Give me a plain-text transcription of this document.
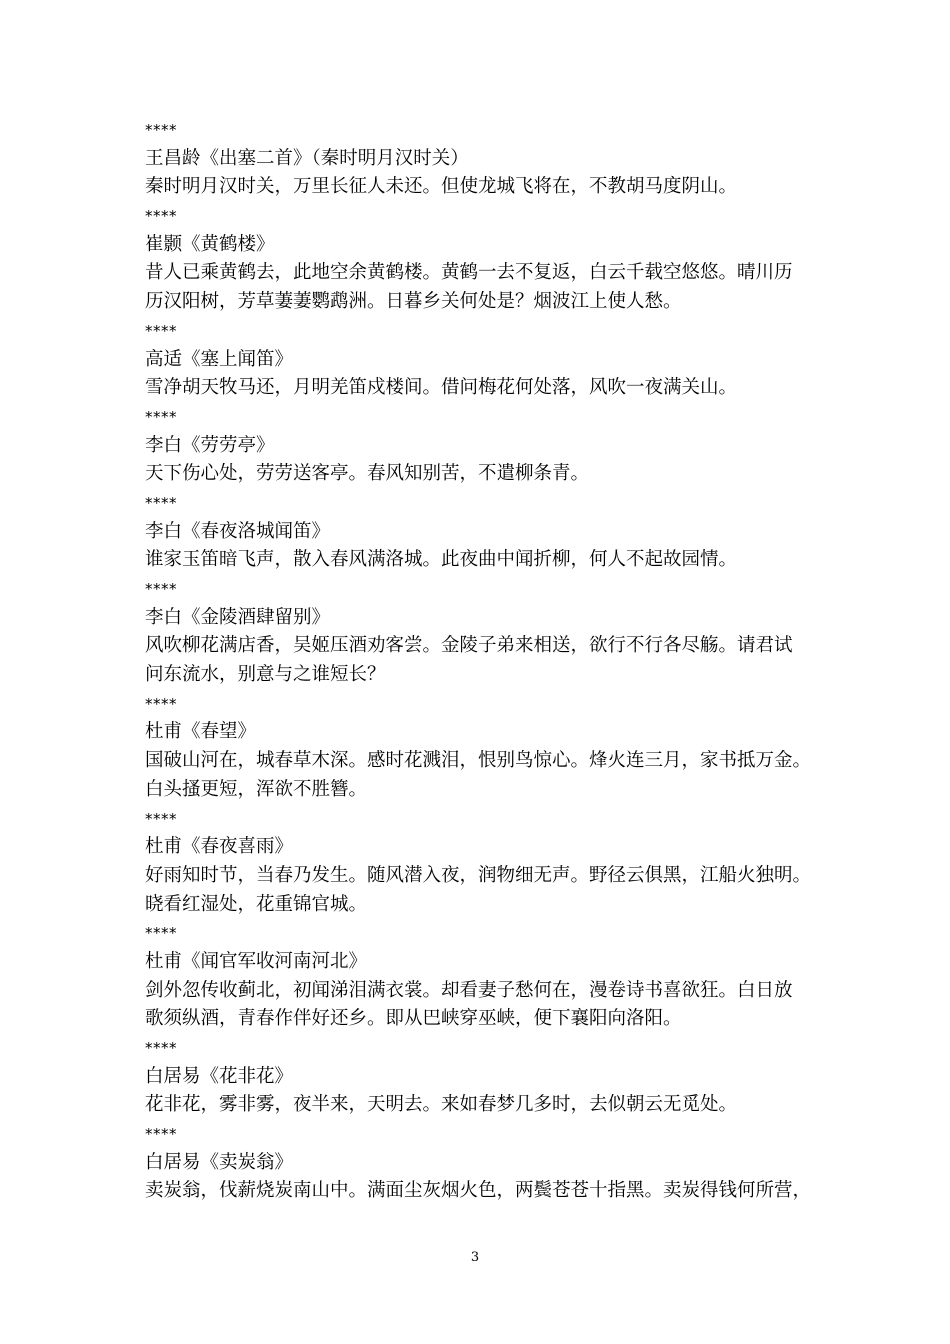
****
王昌龄《出塞二首》（秦时明月汉时关）
秦时明月汉时关，万里长征人未还。但使龙城飞将在，不教胡马度阴山。
****
崔颢《黄鹤楼》
昔人已乘黄鹤去，此地空余黄鹤楼。黄鹤一去不复返，白云千载空悠悠。晴川历
历汉阳树，芳草萋萋鹦鹉洲。日暮乡关何处是？烟波江上使人愁。
****
高适《塞上闻笛》
雪净胡天牧马还，月明羌笛戍楼间。借问梅花何处落，风吹一夜满关山。
****
李白《劳劳亭》
天下伤心处，劳劳送客亭。春风知别苦，不遣柳条青。
****
李白《春夜洛城闻笛》
谁家玉笛暗飞声，散入春风满洛城。此夜曲中闻折柳，何人不起故园情。
****
李白《金陵酒肆留别》
风吹柳花满店香，吴姬压酒劝客尝。金陵子弟来相送，欲行不行各尽觞。请君试
问东流水，别意与之谁短长？
****
杜甫《春望》
国破山河在，城春草木深。感时花溅泪，恨别鸟惊心。烽火连三月，家书抵万金。
白头搔更短，浑欲不胜簪。
****
杜甫《春夜喜雨》
好雨知时节，当春乃发生。随风潜入夜，润物细无声。野径云俱黑，江船火独明。
晓看红湿处，花重锦官城。
****
杜甫《闻官军收河南河北》
剑外忽传收蓟北，初闻涕泪满衣裳。却看妻子愁何在，漫卷诗书喜欲狂。白日放
歌须纵酒，青春作伴好还乡。即从巴峡穿巫峡，便下襄阳向洛阳。
****
白居易《花非花》
花非花，雾非雾，夜半来，天明去。来如春梦几多时，去似朝云无觅处。
****
白居易《卖炭翁》
卖炭翁，伐薪烧炭南山中。满面尘灰烟火色，两鬓苍苍十指黑。卖炭得钱何所营，
3
